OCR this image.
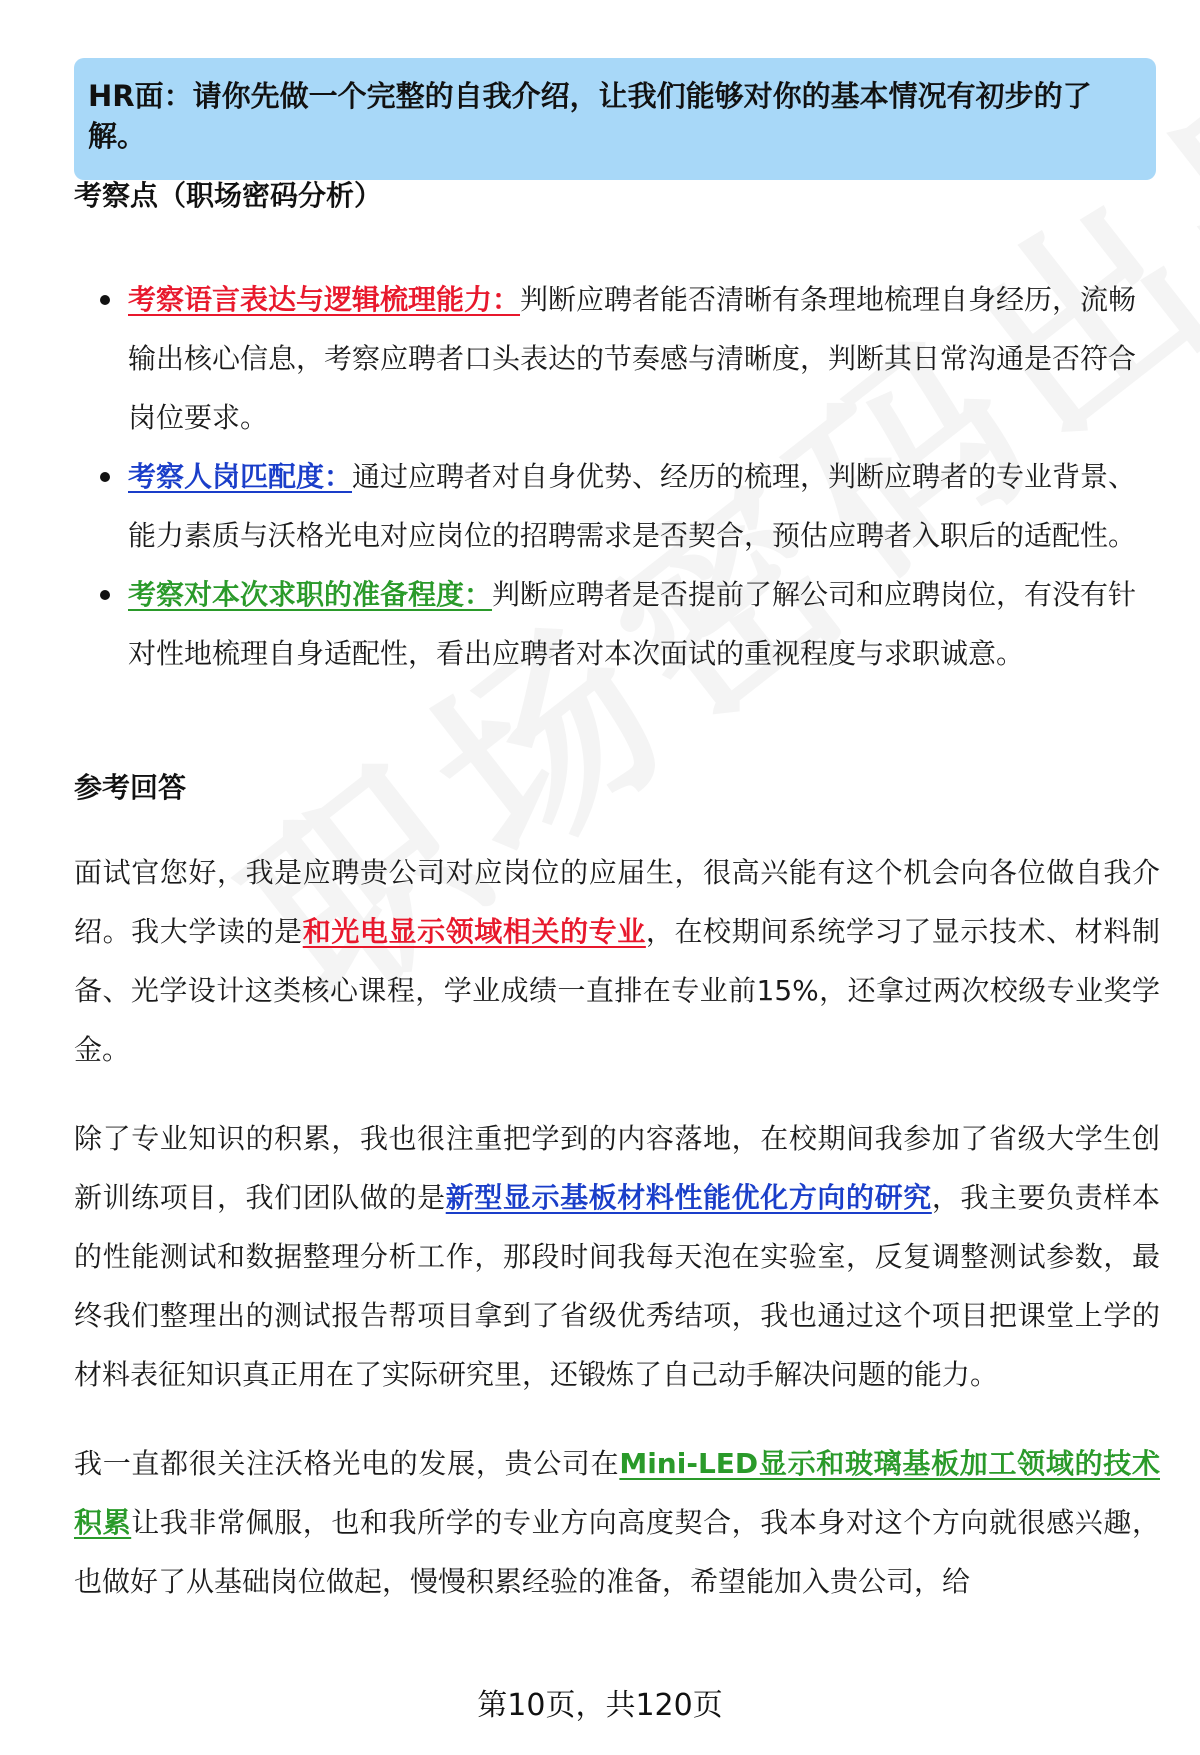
HR面：请你先做一个完整的自我介绍，让我们能够对你的基本情况有初步的了解。
考察点（职场密码分析）
考察语言表达与逻辑梳理能力：判断应聘者能否清晰有条理地梳理自身经历，流畅输出核心信息，考察应聘者口头表达的节奏感与清晰度，判断其日常沟通是否符合岗位要求。
考察人岗匹配度：通过应聘者对自身优势、经历的梳理，判断应聘者的专业背景、能力素质与沃格光电对应岗位的招聘需求是否契合，预估应聘者入职后的适配性。
考察对本次求职的准备程度：判断应聘者是否提前了解公司和应聘岗位，有没有针对性地梳理自身适配性，看出应聘者对本次面试的重视程度与求职诚意。
参考回答

面试官您好，我是应聘贵公司对应岗位的应届生，很高兴能有这个机会向各位做自我介绍。我大学读的是和光电显示领域相关的专业，在校期间系统学习了显示技术、材料制备、光学设计这类核心课程，学业成绩一直排在专业前15%，还拿过两次校级专业奖学金。

除了专业知识的积累，我也很注重把学到的内容落地，在校期间我参加了省级大学生创新训练项目，我们团队做的是新型显示基板材料性能优化方向的研究，我主要负责样本的性能测试和数据整理分析工作，那段时间我每天泡在实验室，反复调整测试参数，最终我们整理出的测试报告帮项目拿到了省级优秀结项，我也通过这个项目把课堂上学的材料表征知识真正用在了实际研究里，还锻炼了自己动手解决问题的能力。

我一直都很关注沃格光电的发展，贵公司在Mini-LED显示和玻璃基板加工领域的技术积累让我非常佩服，也和我所学的专业方向高度契合，我本身对这个方向就很感兴趣，也做好了从基础岗位做起，慢慢积累经验的准备，希望能加入贵公司，给

第10页，共120页
